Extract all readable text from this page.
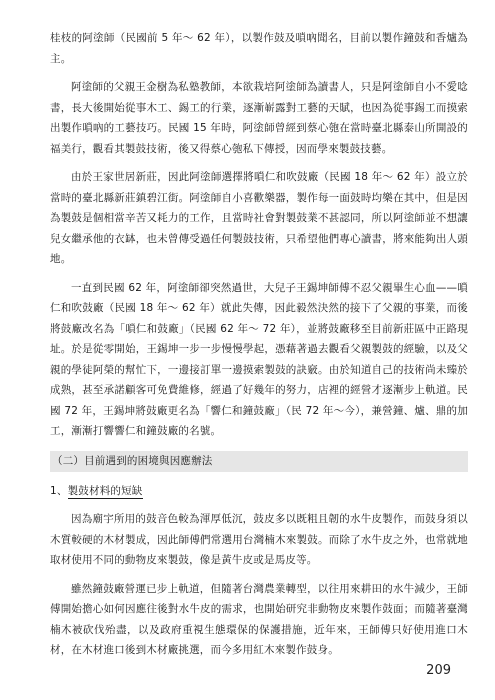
桂枝的阿塗師（民國前 5 年～ 62 年），以製作鼓及嗩吶聞名，目前以製作鐘鼓和香爐為主。

阿塗師的父親王金樹為私塾教師，本欲栽培阿塗師為讀書人，只是阿塗師自小不愛唸書，長大後開始從事木工、錫工的行業，逐漸嶄露對工藝的天賦，也因為從事錫工而摸索出製作嗩吶的工藝技巧。民國 15 年時，阿塗師曾經到蔡心匏在當時臺北縣泰山所開設的福美行，觀看其製鼓技術，後又得蔡心匏私下傳授，因而學來製鼓技藝。

由於王家世居新莊，因此阿塗師選擇將嗩仁和吹鼓廠（民國 18 年～ 62 年）設立於當時的臺北縣新莊鎮碧江街。阿塗師自小喜歡樂器，製作每一面鼓時均樂在其中，但是因為製鼓是個相當辛苦又耗力的工作，且當時社會對製鼓業不甚認同，所以阿塗師並不想讓兒女繼承他的衣缽，也未曾傳受過任何製鼓技術，只希望他們專心讀書，將來能夠出人頭地。

一直到民國 62 年，阿塗師卻突然過世，大兒子王錫坤師傅不忍父親畢生心血——嗩仁和吹鼓廠（民國 18 年～ 62 年）就此失傳，因此毅然決然的接下了父親的事業，而後將鼓廠改名為「嗩仁和鼓廠」（民國 62 年～ 72 年），並將鼓廠移至目前新莊區中正路現址。於是從零開始，王錫坤一步一步慢慢學起，憑藉著過去觀看父親製鼓的經驗，以及父親的學徒阿榮的幫忙下，一邊接訂單一邊摸索製鼓的訣竅。由於知道自己的技術尚未臻於成熟，甚至承諾顧客可免費維修，經過了好幾年的努力，店裡的經營才逐漸步上軌道。民國 72 年，王錫坤將鼓廠更名為「響仁和鐘鼓廠」（民 72 年～今），兼營鐘、爐、鼎的加工，漸漸打響響仁和鐘鼓廠的名號。

（二）目前遇到的困境與因應辦法

1、製鼓材料的短缺

因為廟宇所用的鼓音色較為渾厚低沉，鼓皮多以既粗且韌的水牛皮製作，而鼓身須以木質較硬的木材製成，因此師傅們常選用台灣楠木來製鼓。而除了水牛皮之外，也常就地取材使用不同的動物皮來製鼓，像是黃牛皮或是馬皮等。

雖然鐘鼓廠營運已步上軌道，但隨著台灣農業轉型，以往用來耕田的水牛減少，王師傅開始擔心如何因應往後對水牛皮的需求，也開始研究非動物皮來製作鼓面；而隨著臺灣楠木被砍伐殆盡，以及政府重視生態環保的保護措施，近年來，王師傅只好使用進口木材，在木材進口後到木材廠挑選，而今多用紅木來製作鼓身。

209
